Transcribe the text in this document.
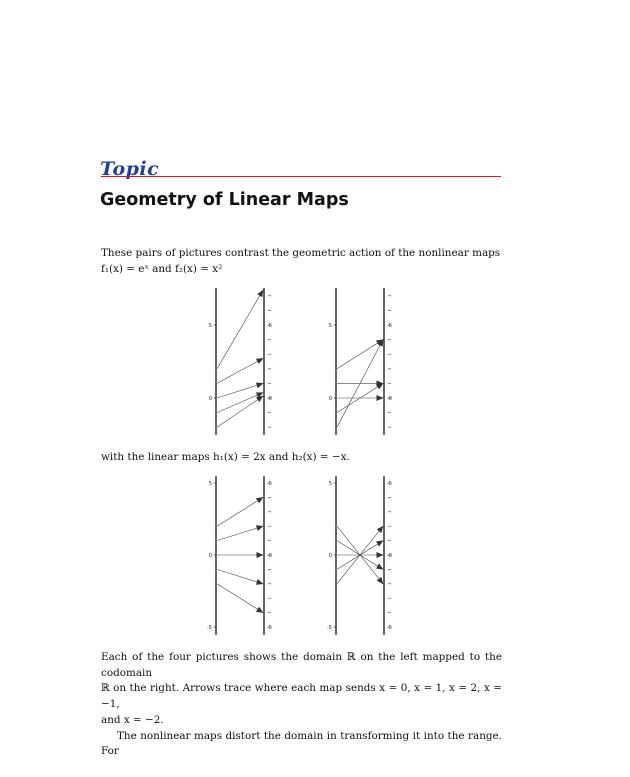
Topic
Geometry of Linear Maps

These pairs of pictures contrast the geometric action of the nonlinear maps
f₁(x) = eˣ and f₂(x) = x²

5	-5
0	-0
5	-5
0	-0

with the linear maps h₁(x) = 2x and h₂(x) = −x.

5	-5
0	-0
-5	-5
5	-5
0	-0
-5	-5

Each of the four pictures shows the domain ℝ on the left mapped to the codomain
ℝ on the right. Arrows trace where each map sends x = 0, x = 1, x = 2, x = −1,
and x = −2.
The nonlinear maps distort the domain in transforming it into the range. For
